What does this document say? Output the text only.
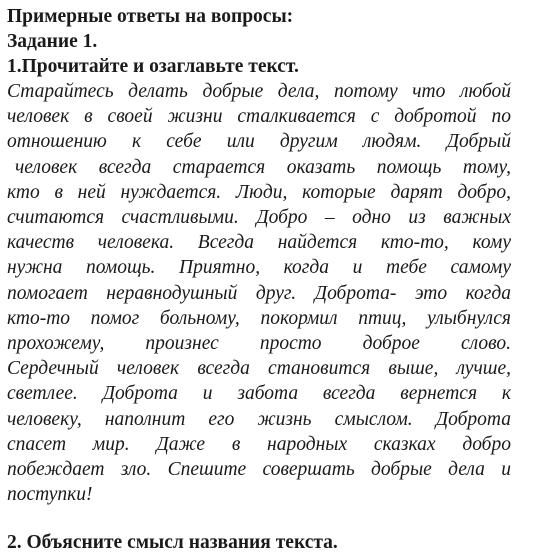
Примерные ответы на вопросы:
Задание 1.
1.Прочитайте и озаглавьте текст.
Старайтесь делать добрые дела, потому что любой
человек в своей жизни сталкивается с добротой по
отношению к себе или другим людям. Добрый
человек всегда старается оказать помощь тому,
кто в ней нуждается. Люди, которые дарят добро,
считаются счастливыми. Добро – одно из важных
качеств человека. Всегда найдется кто-то, кому
нужна помощь. Приятно, когда и тебе самому
помогает неравнодушный друг. Доброта- это когда
кто-то помог больному, покормил птиц, улыбнулся
прохожему, произнес просто доброе слово.
Сердечный человек всегда становится выше, лучше,
светлее. Доброта и забота всегда вернется к
человеку, наполнит его жизнь смыслом. Доброта
спасет мир. Даже в народных сказках добро
побеждает зло. Спешите совершать добрые дела и
поступки!
2. Объясните смысл названия текста.
